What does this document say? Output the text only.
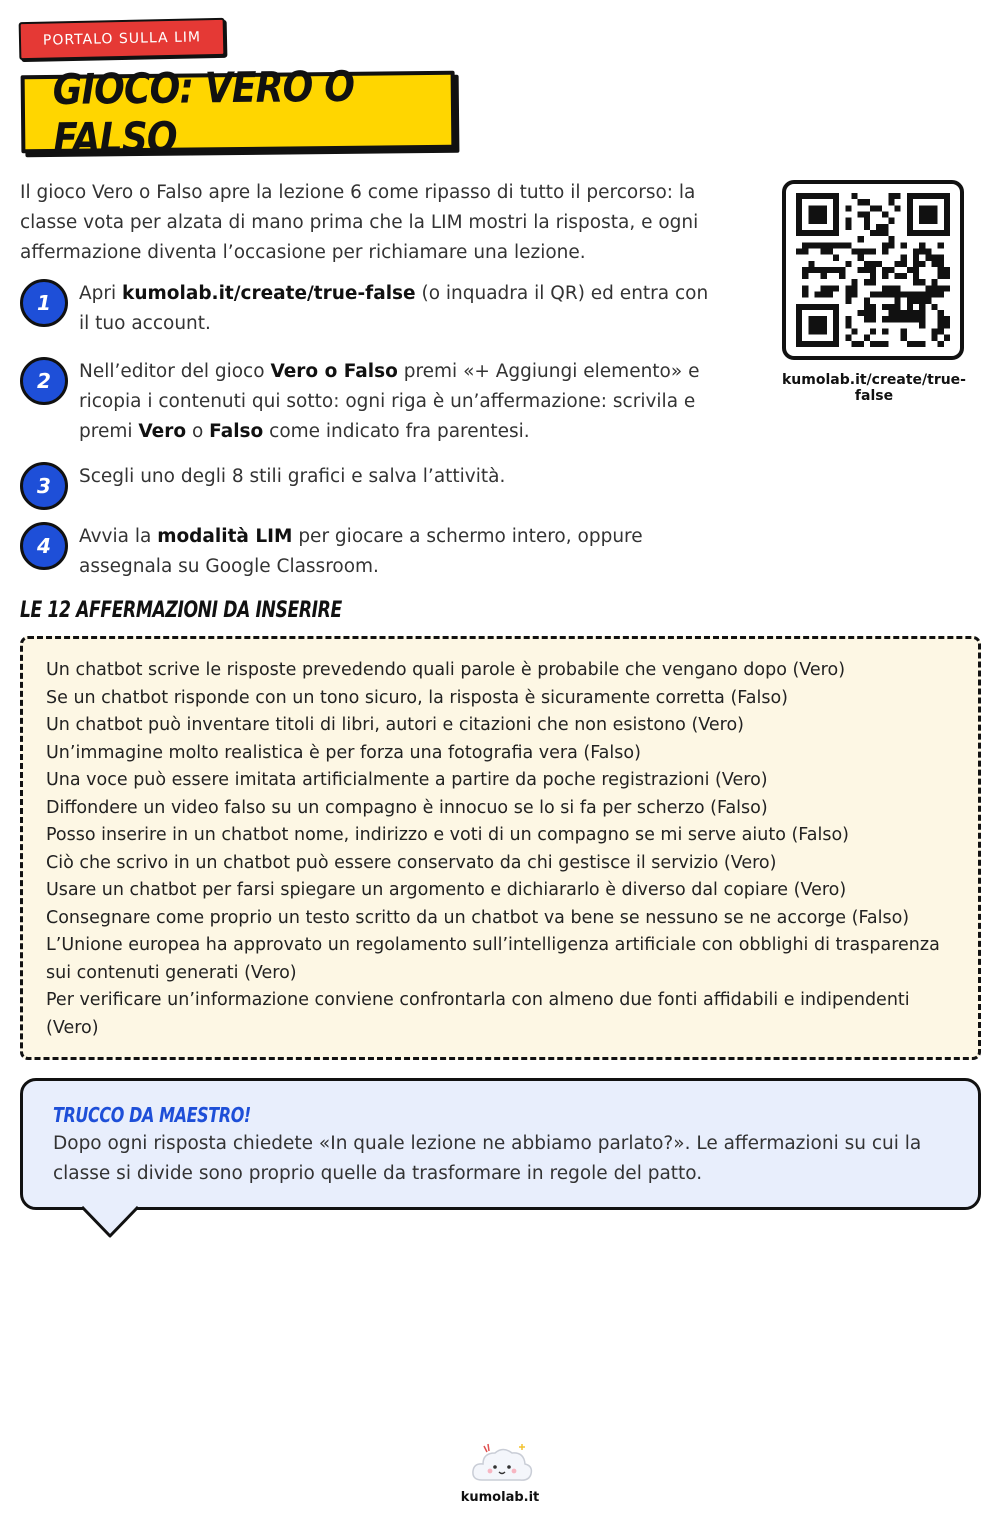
PORTALO SULLA LIM
GIOCO: VERO O FALSO

Il gioco Vero o Falso apre la lezione 6 come ripasso di tutto il percorso: la classe vota per alzata di mano prima che la LIM mostri la risposta, e ogni affermazione diventa l’occasione per richiamare una lezione.

kumolab.it/create/true-false
1	Apri kumolab.it/create/true-false (o inquadra il QR) ed entra con il tuo account.
2	Nell’editor del gioco Vero o Falso premi «+ Aggiungi elemento» e ricopia i contenuti qui sotto: ogni riga è un’affermazione: scrivila e premi Vero o Falso come indicato fra parentesi.
3	Scegli uno degli 8 stili grafici e salva l’attività.
4	Avvia la modalità LIM per giocare a schermo intero, oppure assegnala su Google Classroom.
LE 12 AFFERMAZIONI DA INSERIRE
Un chatbot scrive le risposte prevedendo quali parole è probabile che vengano dopo (Vero)
Se un chatbot risponde con un tono sicuro, la risposta è sicuramente corretta (Falso)
Un chatbot può inventare titoli di libri, autori e citazioni che non esistono (Vero)
Un’immagine molto realistica è per forza una fotografia vera (Falso)
Una voce può essere imitata artificialmente a partire da poche registrazioni (Vero)
Diffondere un video falso su un compagno è innocuo se lo si fa per scherzo (Falso)
Posso inserire in un chatbot nome, indirizzo e voti di un compagno se mi serve aiuto (Falso)
Ciò che scrivo in un chatbot può essere conservato da chi gestisce il servizio (Vero)
Usare un chatbot per farsi spiegare un argomento e dichiararlo è diverso dal copiare (Vero)
Consegnare come proprio un testo scritto da un chatbot va bene se nessuno se ne accorge (Falso)
L’Unione europea ha approvato un regolamento sull’intelligenza artificiale con obblighi di trasparenza sui contenuti generati (Vero)
Per verificare un’informazione conviene confrontarla con almeno due fonti affidabili e indipendenti (Vero)
TRUCCO DA MAESTRO!

Dopo ogni risposta chiedete «In quale lezione ne abbiamo parlato?». Le affermazioni su cui la classe si divide sono proprio quelle da trasformare in regole del patto.

kumolab.it
